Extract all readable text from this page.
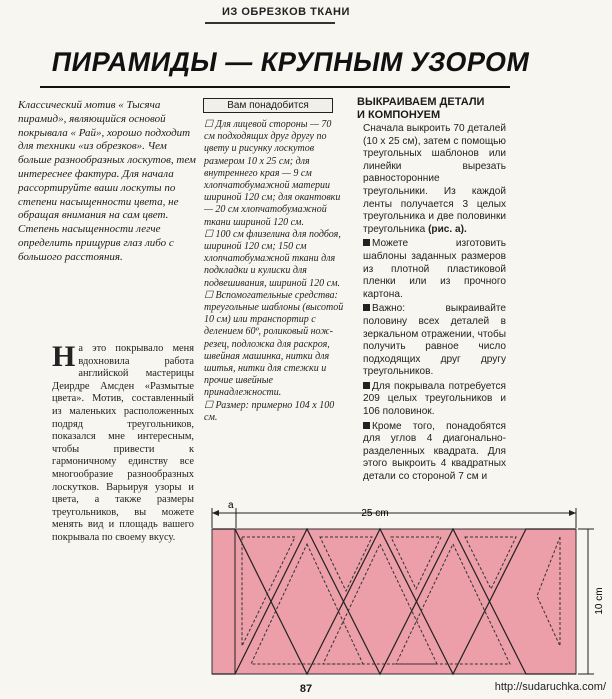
ИЗ ОБРЕЗКОВ ТКАНИ
ПИРАМИДЫ — КРУПНЫМ УЗОРОМ
Классический мотив « Тысяча пирамид», являющийся основой покрывала « Рай», хорошо подходит для техники «из обрезков». Чем больше разнообразных лоскутов, тем интереснее фактура. Для начала рассортируйте ваши лоскуты по степени насыщенности цвета, не обращая внимания на сам цвет. Степень насыщенности легче определить прищурив глаз либо с большого расстояния.
На это покрывало меня вдохновила работа английской мастерицы Деирдре Амсден «Размытые цвета». Мотив, составленный из маленьких расположенных подряд треугольников, показался мне интересным, чтобы привести к гармоничному единству все многообразие разнообразных лоскутков. Варьируя узоры и цвета, а также размеры треугольников, вы можете менять вид и площадь вашего покрывала по своему вкусу.
Вам понадобится

☐ Для лицевой стороны — 70 см подходящих друг другу по цвету и рисунку лоскутов размером 10 х 25 см; для внутреннего края — 9 см хлопчатобумажной материи шириной 120 см; для окантовки — 20 см хлопчатобумажной ткани шириной 120 см.

☐ 100 см флизелина для подбоя, шириной 120 см; 150 см хлопчатобумажной ткани для подкладки и кулиски для подвешивания, шириной 120 см.

☐ Вспомогательные средства: треугольные шаблоны (высотой 10 см) или транспортир с делением 60º, роликовый нож-резец, подложка для раскроя, швейная машинка, нитки для шитья, нитки для стежки и прочие швейные принадлежности.

☐ Размер: примерно 104 х 100 см.

ВЫКРАИВАЕМ ДЕТАЛИ
И КОМПОНУЕМ

Сначала выкроить 70 деталей (10 х 25 см), затем с помощью треугольных шаблонов или линейки вырезать равносторонние треугольники. Из каждой ленты получается 3 целых треугольника и две половинки треугольника (рис. а).

Можете изготовить шаблоны заданных размеров из плотной пластиковой пленки или из прочного картона.

Важно: выкраивайте половину всех деталей в зеркальном отражении, чтобы получить равное число подходящих друг другу треугольников.

Для покрывала потребуется 209 целых треугольников и 106 половинок.

Кроме того, понадобятся для углов 4 диагонально-разделенных квадрата. Для этого выкроить 4 квадратных детали со стороной 7 см и

а
25 cm
10 cm
87	http://sudaruchka.com/
